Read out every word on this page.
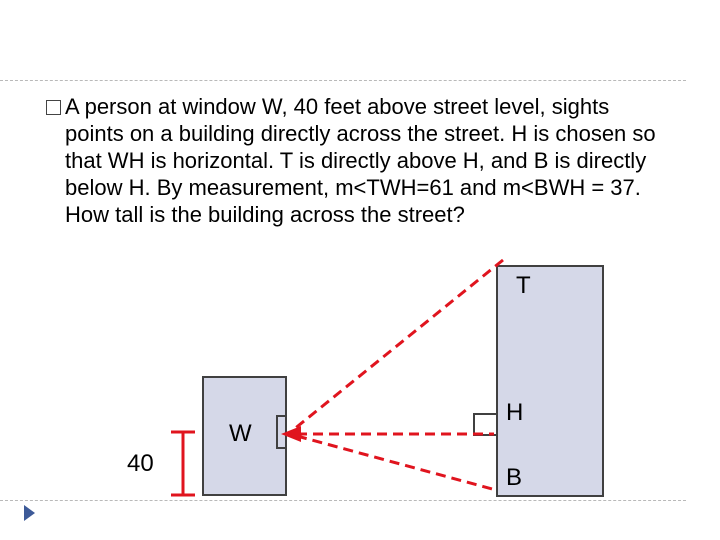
A person at window W, 40 feet above street level, sights points on a building directly across the street. H is chosen so that WH is horizontal. T is directly above H, and B is directly below H. By measurement, m<TWH=61 and m<BWH = 37. How tall is the building across the street?

T
H
B
W
40
